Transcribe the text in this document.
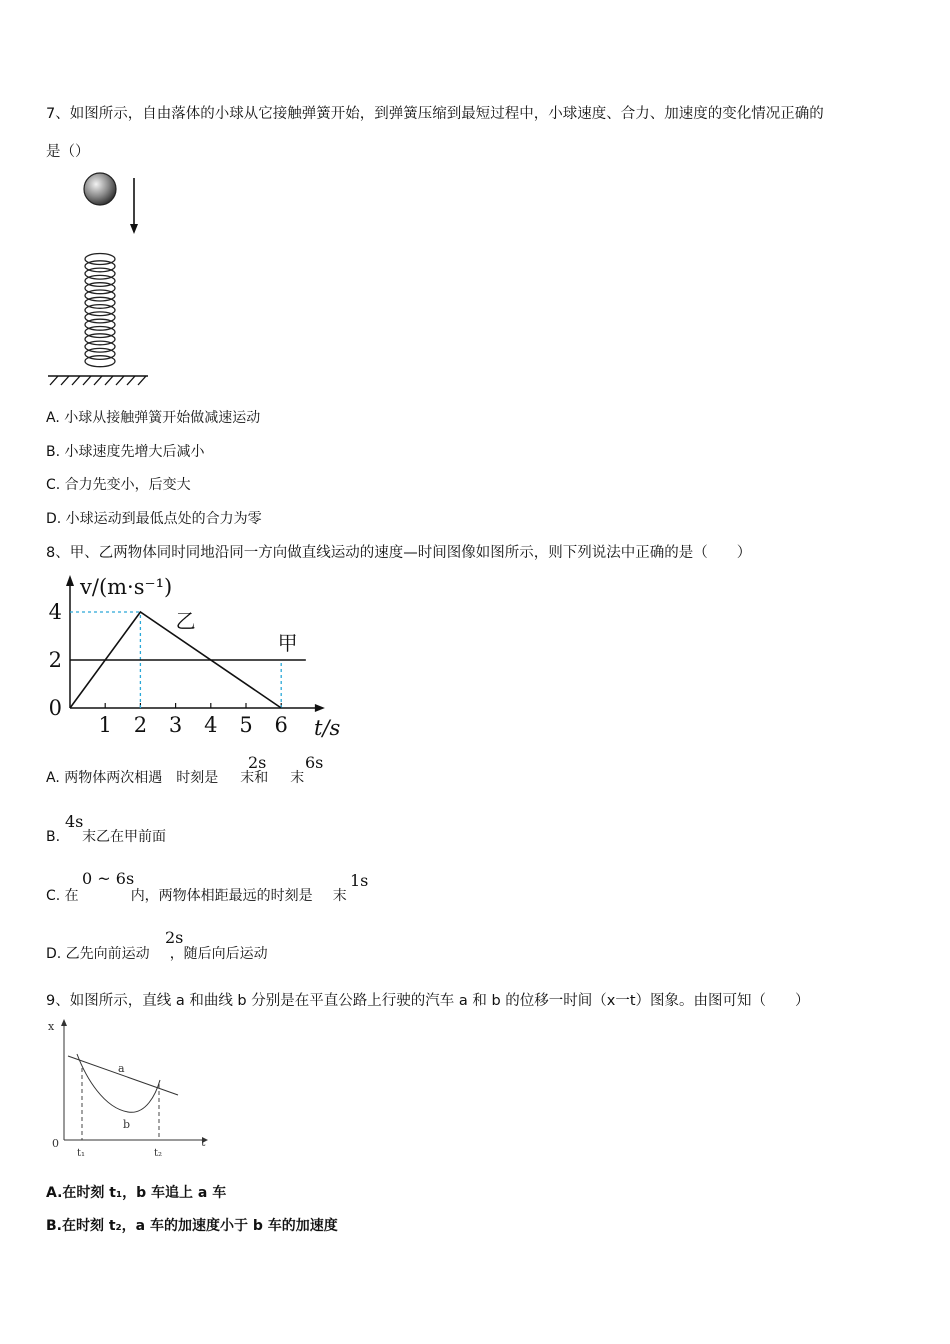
7、如图所示，自由落体的小球从它接触弹簧开始，到弹簧压缩到最短过程中，小球速度、合力、加速度的变化情况正确的
是（）
A. 小球从接触弹簧开始做减速运动
B. 小球速度先增大后减小
C. 合力先变小，后变大
D. 小球运动到最低点处的合力为零
8、甲、乙两物体同时同地沿同一方向做直线运动的速度—时间图像如图所示，则下列说法中正确的是（　　）
1 2 3 4 5 6
0
2
4
v/(m·s⁻¹)
t/s
甲
乙
A. 两物体两次相遇　时刻是 末和 末
2s 6s
B. 末乙在甲前面
4s
C. 在	内，两物体相距最远的时刻是 末
0 ~ 6s	1s
D. 乙先向前运动 ，随后向后运动
2s
9、如图所示，直线 a 和曲线 b 分别是在平直公路上行驶的汽车 a 和 b 的位移一时间（x一t）图象。由图可知（　　）
x
t
0
a
b
t₁	t₂
A.在时刻 t₁，b 车追上 a 车
B.在时刻 t₂，a 车的加速度小于 b 车的加速度
